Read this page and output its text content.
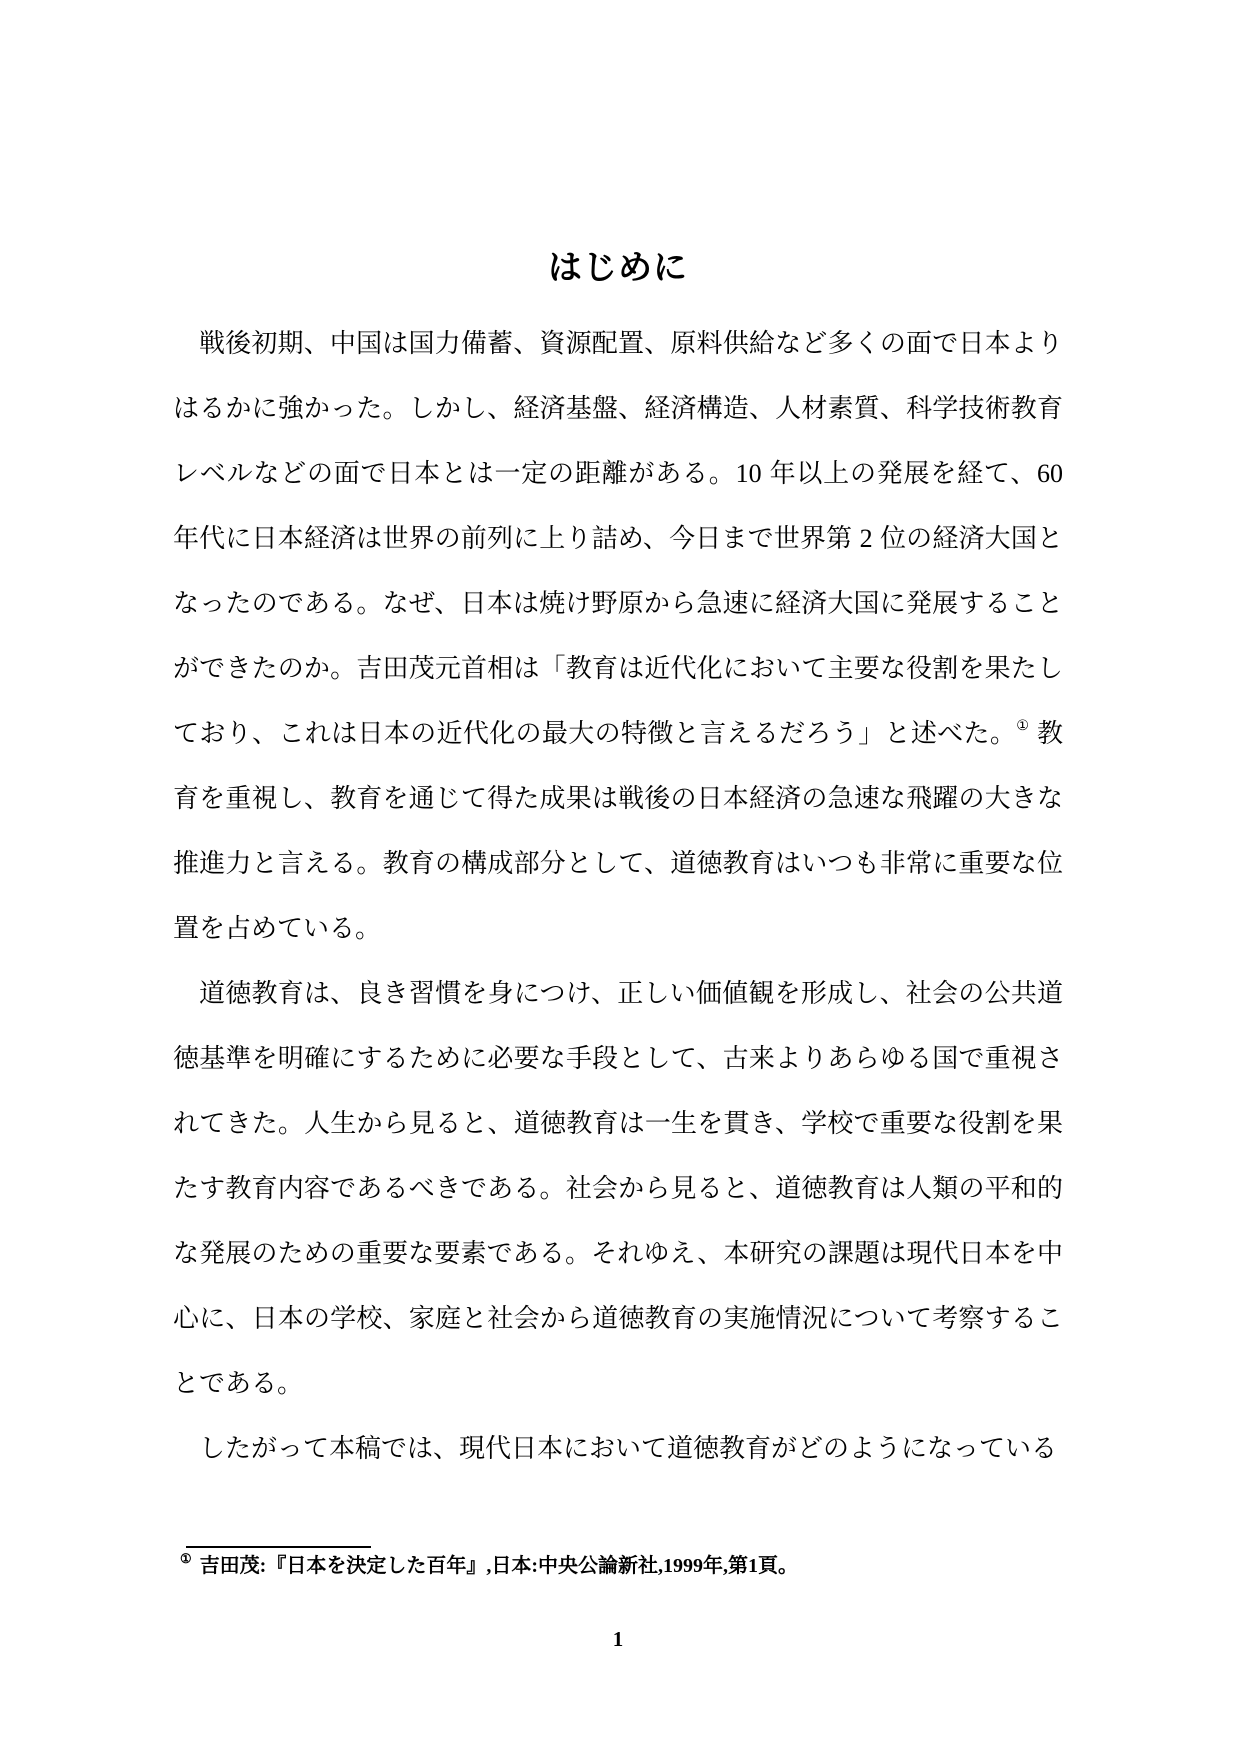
はじめに
戦後初期、中国は国力備蓄、資源配置、原料供給など多くの面で日本より
はるかに強かった。しかし、経済基盤、経済構造、人材素質、科学技術教育
レベルなどの面で日本とは一定の距離がある。10 年以上の発展を経て、60
年代に日本経済は世界の前列に上り詰め、今日まで世界第 2 位の経済大国と
なったのである。なぜ、日本は焼け野原から急速に経済大国に発展すること
ができたのか。吉田茂元首相は「教育は近代化において主要な役割を果たし
ており、これは日本の近代化の最大の特徴と言えるだろう」と述べた。① 教
育を重視し、教育を通じて得た成果は戦後の日本経済の急速な飛躍の大きな
推進力と言える。教育の構成部分として、道徳教育はいつも非常に重要な位
置を占めている。
道徳教育は、良き習慣を身につけ、正しい価値観を形成し、社会の公共道
徳基準を明確にするために必要な手段として、古来よりあらゆる国で重視さ
れてきた。人生から見ると、道徳教育は一生を貫き、学校で重要な役割を果
たす教育内容であるべきである。社会から見ると、道徳教育は人類の平和的
な発展のための重要な要素である。それゆえ、本研究の課題は現代日本を中
心に、日本の学校、家庭と社会から道徳教育の実施情況について考察するこ
とである。
したがって本稿では、現代日本において道徳教育がどのようになっている
① 吉田茂:『日本を決定した百年』,日本:中央公論新社,1999年,第1頁。
1
